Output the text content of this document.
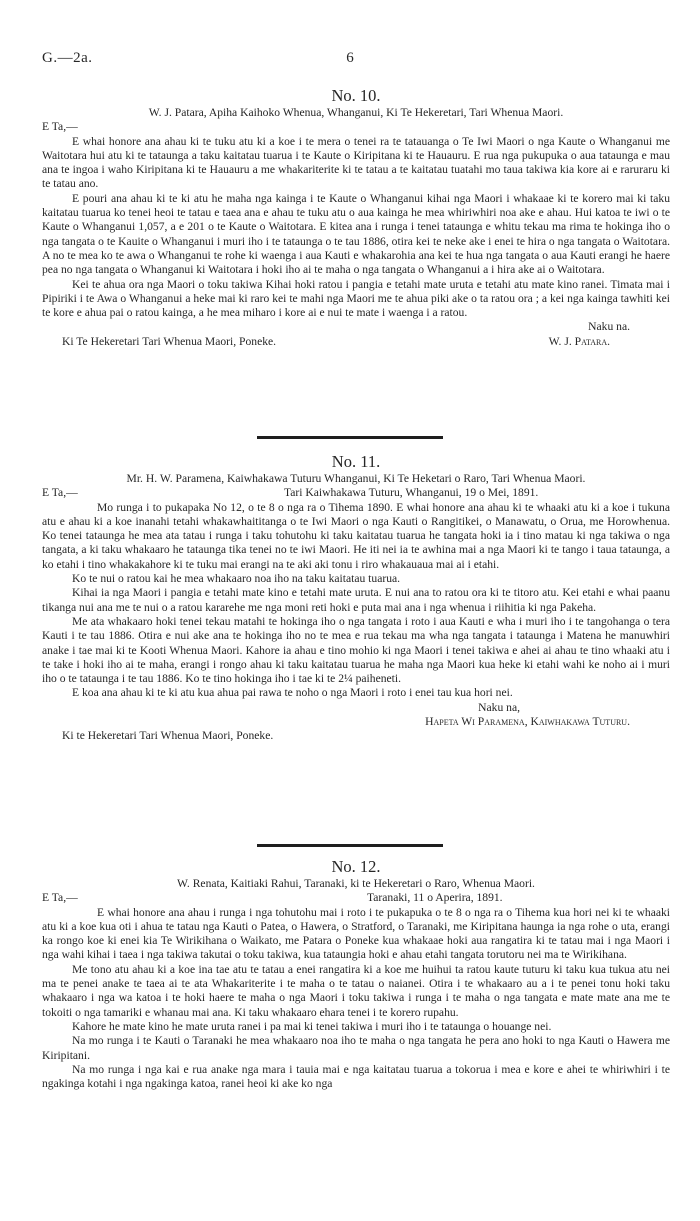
G.—2a.	6
No. 10.
W. J. Patara, Apiha Kaihoko Whenua, Whanganui, Ki Te Hekeretari, Tari Whenua Maori.
E Ta,—

E whai honore ana ahau ki te tuku atu ki a koe i te mera o tenei ra te tatauanga o Te Iwi Maori o nga Kaute o Whanganui me Waitotara hui atu ki te tataunga a taku kaitatau tuarua i te Kaute o Kiripitana ki te Hauauru. E rua nga pukupuka o aua tataunga e mau ana te ingoa i waho Kiripitana ki te Hauauru a me whakariterite ki te tatau a te kaitatau tuatahi mo taua takiwa kia kore ai e raruraru ki te tatau ano.

E pouri ana ahau ki te ki atu he maha nga kainga i te Kaute o Whanganui kihai nga Maori i whakaae ki te korero mai ki taku kaitatau tuarua ko tenei heoi te tatau e taea ana e ahau te tuku atu o aua kainga he mea whiriwhiri noa ake e ahau. Hui katoa te iwi o te Kaute o Whanganui 1,057, a e 201 o te Kaute o Waitotara. E kitea ana i runga i tenei tataunga e whitu tekau ma rima te hokinga iho o nga tangata o te Kauite o Whanganui i muri iho i te tataunga o te tau 1886, otira kei te neke ake i enei te hira o nga tangata o Waitotara. A no te mea ko te awa o Whanganui te rohe ki waenga i aua Kauti e whakarohia ana kei te hua nga tangata o aua Kauti erangi he haere pea no nga tangata o Whanganui ki Waitotara i hoki iho ai te maha o nga tangata o Whanganui a i hira ake ai o Waitotara.

Kei te ahua ora nga Maori o toku takiwa Kihai hoki ratou i pangia e tetahi mate uruta e tetahi atu mate kino ranei. Timata mai i Pipiriki i te Awa o Whanganui a heke mai ki raro kei te mahi nga Maori me te ahua piki ake o ta ratou ora ; a kei nga kainga tawhiti kei te kore e ahua pai o ratou kainga, a he mea miharo i kore ai e nui te mate i waenga i a ratou.

Naku na.
Ki Te Hekeretari Tari Whenua Maori, Poneke.	W. J. Patara.
No. 11.
Mr. H. W. Paramena, Kaiwhakawa Tuturu Whanganui, Ki Te Heketari o Raro, Tari Whenua Maori.
E Ta,—	Tari Kaiwhakawa Tuturu, Whanganui, 19 o Mei, 1891.

Mo runga i to pukapaka No 12, o te 8 o nga ra o Tihema 1890. E whai honore ana ahau ki te whaaki atu ki a koe i tukuna atu e ahau ki a koe inanahi tetahi whakawhaititanga o te Iwi Maori o nga Kauti o Rangitikei, o Manawatu, o Orua, me Horowhenua. Ko tenei tataunga he mea ata tatau i runga i taku tohutohu ki taku kaitatau tuarua he tangata hoki ia i tino matau ki nga takiwa o nga tangata, a ki taku whakaaro he tataunga tika tenei no te iwi Maori. He iti nei ia te awhina mai a nga Maori ki te tango i taua tataunga, a ko etahi i tino whakakahore ki te tuku mai erangi na te aki aki tonu i riro whakauaua mai ai i etahi.

Ko te nui o ratou kai he mea whakaaro noa iho na taku kaitatau tuarua.

Kihai ia nga Maori i pangia e tetahi mate kino e tetahi mate uruta. E nui ana to ratou ora ki te titoro atu. Kei etahi e whai paanu tikanga nui ana me te nui o a ratou kararehe me nga moni reti hoki e puta mai ana i nga whenua i riihitia ki nga Pakeha.

Me ata whakaaro hoki tenei tekau matahi te hokinga iho o nga tangata i roto i aua Kauti e wha i muri iho i te tangohanga o tera Kauti i te tau 1886. Otira e nui ake ana te hokinga iho no te mea e rua tekau ma wha nga tangata i tataunga i Matena he manuwhiri anake i tae mai ki te Kooti Whenua Maori. Kahore ia ahau e tino mohio ki nga Maori i tenei takiwa e ahei ai ahau te tino whaaki atu i te take i hoki iho ai te maha, erangi i rongo ahau ki taku kaitatau tuarua he maha nga Maori kua heke ki etahi wahi ke noho ai i muri iho o te tataunga i te tau 1886. Ko te tino hokinga iho i tae ki te 2¼ paiheneti.

E koa ana ahau ki te ki atu kua ahua pai rawa te noho o nga Maori i roto i enei tau kua hori nei.

Naku na,
Hapeta Wi Paramena, Kaiwhakawa Tuturu.
Ki te Hekeretari Tari Whenua Maori, Poneke.
No. 12.
W. Renata, Kaitiaki Rahui, Taranaki, ki te Hekeretari o Raro, Whenua Maori.
E Ta,—	Taranaki, 11 o Aperira, 1891.

E whai honore ana ahau i runga i nga tohutohu mai i roto i te pukapuka o te 8 o nga ra o Tihema kua hori nei ki te whaaki atu ki a koe kua oti i ahua te tatau nga Kauti o Patea, o Hawera, o Stratford, o Taranaki, me Kiripitana haunga ia nga rohe o uta, erangi ka rongo koe ki enei kia Te Wirikihana o Waikato, me Patara o Poneke kua whakaae hoki aua rangatira ki te tatau mai i nga Maori i nga wahi kihai i taea i nga takiwa takutai o toku takiwa, kua tataungia hoki e ahau etahi tangata torutoru nei ma te Wirikihana.

Me tono atu ahau ki a koe ina tae atu te tatau a enei rangatira ki a koe me huihui ta ratou kaute tuturu ki taku kua tukua atu nei ma te penei anake te taea ai te ata Whakariterite i te maha o te tatau o naianei. Otira i te whakaaro au a i te penei tonu hoki taku whakaaro i nga wa katoa i te hoki haere te maha o nga Maori i toku takiwa i runga i te maha o nga tangata e mate mate ana me te tokoiti o nga tamariki e whanau mai ana. Ki taku whakaaro ehara tenei i te korero rupahu.

Kahore he mate kino he mate uruta ranei i pa mai ki tenei takiwa i muri iho i te tataunga o houange nei.

Na mo runga i te Kauti o Taranaki he mea whakaaro noa iho te maha o nga tangata he pera ano hoki to nga Kauti o Hawera me Kiripitani.

Na mo runga i nga kai e rua anake nga mara i tauia mai e nga kaitatau tuarua a tokorua i mea e kore e ahei te whiriwhiri i te ngakinga kotahi i nga ngakinga katoa, ranei heoi ki ake ko nga
